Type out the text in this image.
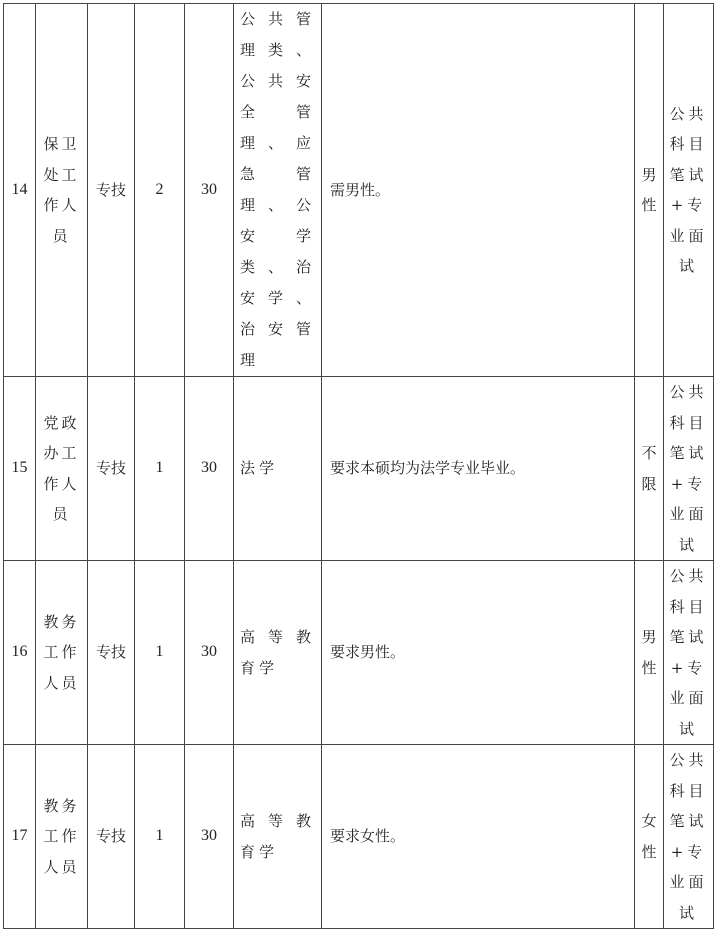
14	保卫处工作人员	专技	2	30	公共管理类、公共安全管理、应急管理、公安学类、治安学、治安管理	需男性。	男性	公共科目笔试+专业面试
15	党政办工作人员	专技	1	30	法学	要求本硕均为法学专业毕业。	不限	公共科目笔试+专业面试
16	教务工作人员	专技	1	30	高等教育学	要求男性。	男性	公共科目笔试+专业面试
17	教务工作人员	专技	1	30	高等教育学	要求女性。	女性	公共科目笔试+专业面试
